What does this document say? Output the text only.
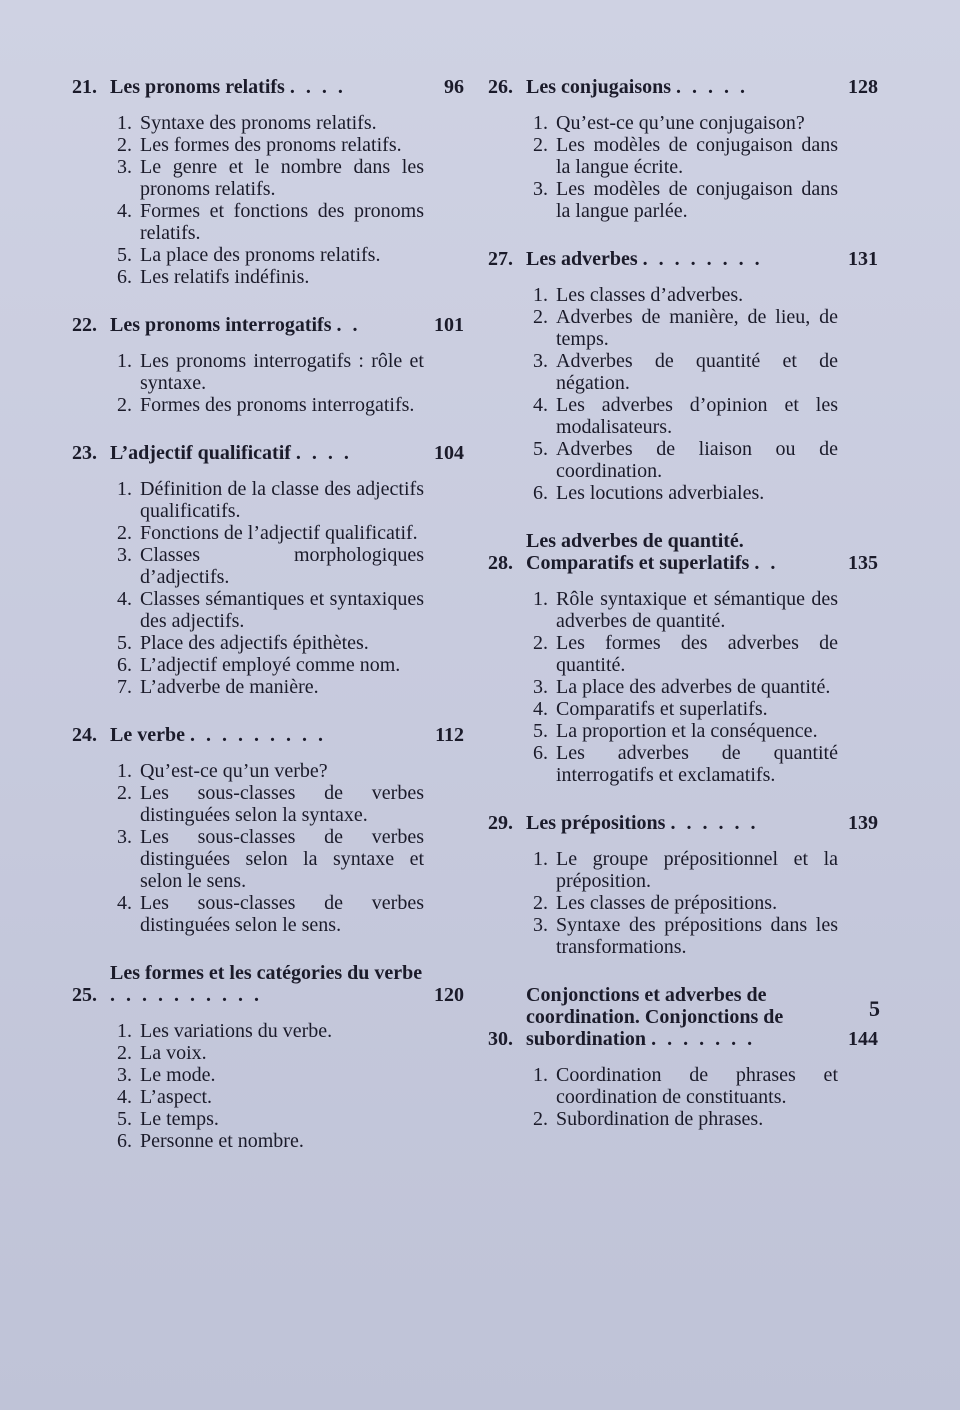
21. Les pronoms relatifs . . . .	96
1. Syntaxe des pronoms relatifs.
2. Les formes des pronoms relatifs.
3. Le genre et le nombre dans les pronoms relatifs.
4. Formes et fonctions des pronoms relatifs.
5. La place des pronoms relatifs.
6. Les relatifs indéfinis.
22. Les pronoms interrogatifs . .	101
1. Les pronoms interrogatifs : rôle et syntaxe.
2. Formes des pronoms interrogatifs.
23. L’adjectif qualificatif . . . .	104
1. Définition de la classe des adjectifs qualificatifs.
2. Fonctions de l’adjectif qualificatif.
3. Classes morphologiques d’adjectifs.
4. Classes sémantiques et syntaxiques des adjectifs.
5. Place des adjectifs épithètes.
6. L’adjectif employé comme nom.
7. L’adverbe de manière.
24. Le verbe . . . . . . . . .	112
1. Qu’est-ce qu’un verbe?
2. Les sous-classes de verbes distinguées selon la syntaxe.
3. Les sous-classes de verbes distinguées selon la syntaxe et selon le sens.
4. Les sous-classes de verbes distinguées selon le sens.
25.
Les formes et les catégories du verbe . . . . . . . . . .	120
1. Les variations du verbe.
2. La voix.
3. Le mode.
4. L’aspect.
5. Le temps.
6. Personne et nombre.
26. Les conjugaisons . . . . .	128
1. Qu’est-ce qu’une conjugaison?
2. Les modèles de conjugaison dans la langue écrite.
3. Les modèles de conjugaison dans la langue parlée.
27. Les adverbes . . . . . . . .	131
1. Les classes d’adverbes.
2. Adverbes de manière, de lieu, de temps.
3. Adverbes de quantité et de négation.
4. Les adverbes d’opinion et les modalisateurs.
5. Adverbes de liaison ou de coordination.
6. Les locutions adverbiales.
28.
Les adverbes de quantité. Comparatifs et superlatifs . .	135
1. Rôle syntaxique et sémantique des adverbes de quantité.
2. Les formes des adverbes de quantité.
3. La place des adverbes de quantité.
4. Comparatifs et superlatifs.
5. La proportion et la conséquence.
6. Les adverbes de quantité interrogatifs et exclamatifs.
29. Les prépositions . . . . . .	139
1. Le groupe prépositionnel et la préposition.
2. Les classes de prépositions.
3. Syntaxe des prépositions dans les transformations.
30.
Conjonctions et adverbes de coordination. Conjonctions de subordination . . . . . . .	144
1. Coordination de phrases et coordination de constituants.
2. Subordination de phrases.
5
